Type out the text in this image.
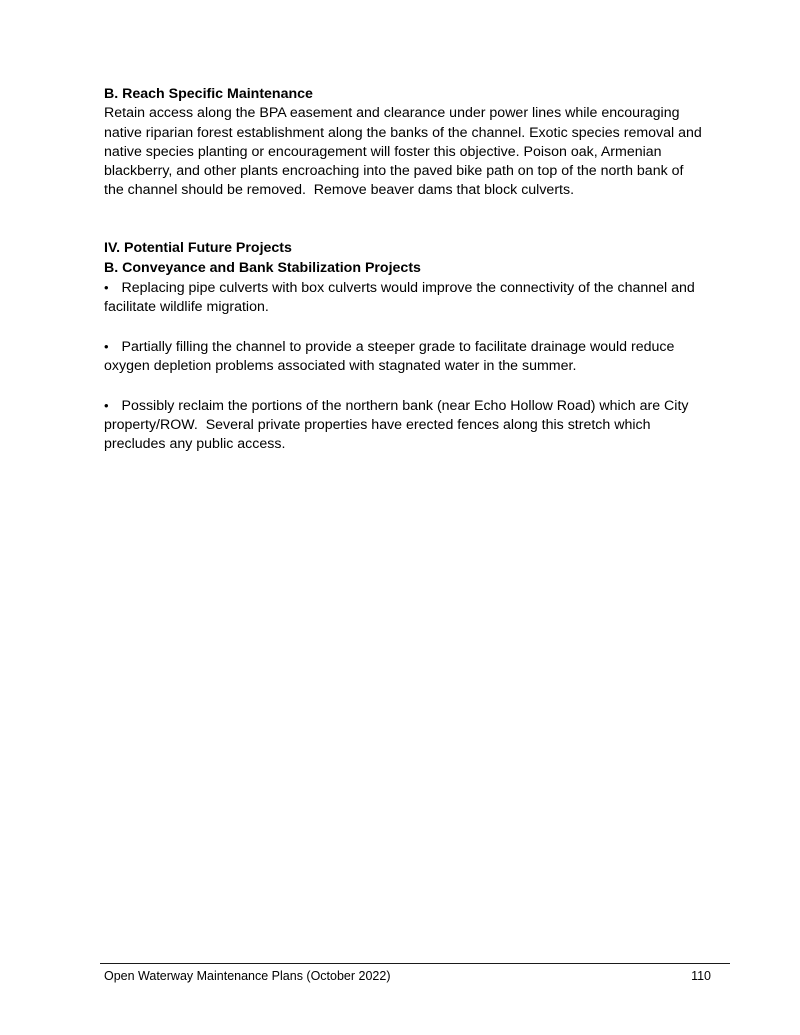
B. Reach Specific Maintenance
Retain access along the BPA easement and clearance under power lines while encouraging
native riparian forest establishment along the banks of the channel. Exotic species removal and
native species planting or encouragement will foster this objective. Poison oak, Armenian
blackberry, and other plants encroaching into the paved bike path on top of the north bank of
the channel should be removed.  Remove beaver dams that block culverts.
IV. Potential Future Projects
B. Conveyance and Bank Stabilization Projects
• Replacing pipe culverts with box culverts would improve the connectivity of the channel and
facilitate wildlife migration.
• Partially filling the channel to provide a steeper grade to facilitate drainage would reduce
oxygen depletion problems associated with stagnated water in the summer.
• Possibly reclaim the portions of the northern bank (near Echo Hollow Road) which are City
property/ROW.  Several private properties have erected fences along this stretch which
precludes any public access.
Open Waterway Maintenance Plans (October 2022)	110
